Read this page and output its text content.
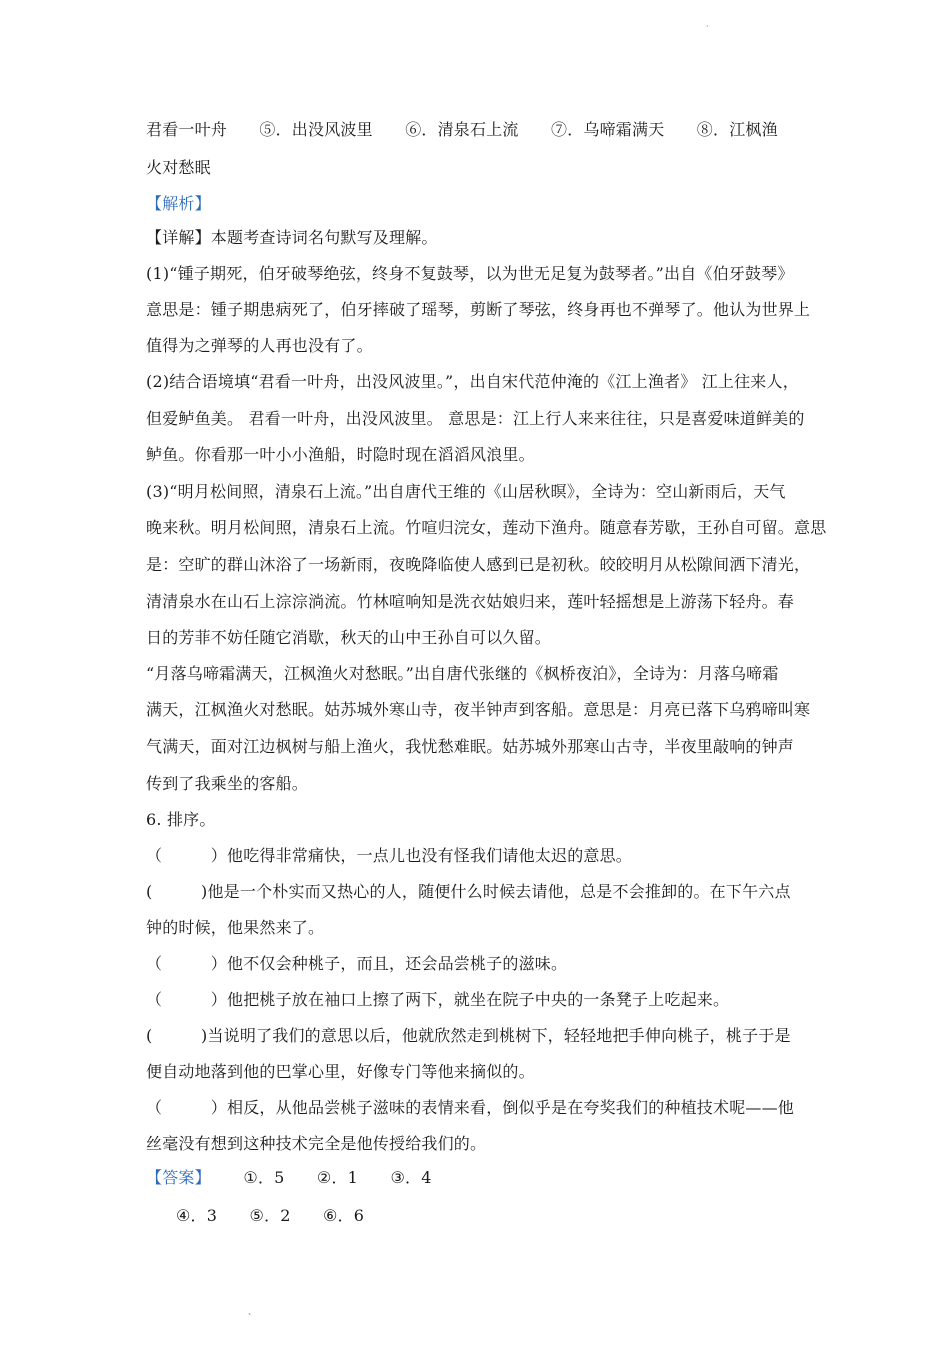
·
君看一叶舟　　⑤．出没风波里　　⑥．清泉石上流　　⑦．乌啼霜满天　　⑧．江枫渔
火对愁眠
【解析】
【详解】本题考查诗词名句默写及理解。
(1)“锺子期死，伯牙破琴绝弦，终身不复鼓琴，以为世无足复为鼓琴者。”出自《伯牙鼓琴》
意思是：锺子期患病死了，伯牙摔破了瑶琴，剪断了琴弦，终身再也不弹琴了。他认为世界上
值得为之弹琴的人再也没有了。
(2)结合语境填“君看一叶舟，出没风波里。”，出自宋代范仲淹的《江上渔者》 江上往来人，
但爱鲈鱼美。 君看一叶舟，出没风波里。 意思是：江上行人来来往往，只是喜爱味道鲜美的
鲈鱼。你看那一叶小小渔船，时隐时现在滔滔风浪里。
(3)“明月松间照，清泉石上流。”出自唐代王维的《山居秋暝》，全诗为：空山新雨后，天气
晚来秋。明月松间照，清泉石上流。竹喧归浣女，莲动下渔舟。随意春芳歇，王孙自可留。意思
是：空旷的群山沐浴了一场新雨，夜晚降临使人感到已是初秋。皎皎明月从松隙间洒下清光，
清清泉水在山石上淙淙淌流。竹林喧响知是洗衣姑娘归来，莲叶轻摇想是上游荡下轻舟。春
日的芳菲不妨任随它消歇，秋天的山中王孙自可以久留。
“月落乌啼霜满天，江枫渔火对愁眠。”出自唐代张继的《枫桥夜泊》，全诗为：月落乌啼霜
满天，江枫渔火对愁眠。姑苏城外寒山寺，夜半钟声到客船。意思是：月亮已落下乌鸦啼叫寒
气满天，面对江边枫树与船上渔火，我忧愁难眠。姑苏城外那寒山古寺，半夜里敲响的钟声
传到了我乘坐的客船。
6. 排序。
（　　　）他吃得非常痛快，一点儿也没有怪我们请他太迟的意思。
(　　　)他是一个朴实而又热心的人，随便什么时候去请他，总是不会推卸的。在下午六点
钟的时候，他果然来了。
（　　　）他不仅会种桃子，而且，还会品尝桃子的滋味。
（　　　）他把桃子放在袖口上擦了两下，就坐在院子中央的一条凳子上吃起来。
(　　　)当说明了我们的意思以后，他就欣然走到桃树下，轻轻地把手伸向桃子，桃子于是
便自动地落到他的巴掌心里，好像专门等他来摘似的。
（　　　）相反，从他品尝桃子滋味的表情来看，倒似乎是在夸奖我们的种植技术呢——他
丝毫没有想到这种技术完全是他传授给我们的。
【答案】 ①．5　　②．1　　③．4
④．3　　⑤．2　　⑥．6
、
